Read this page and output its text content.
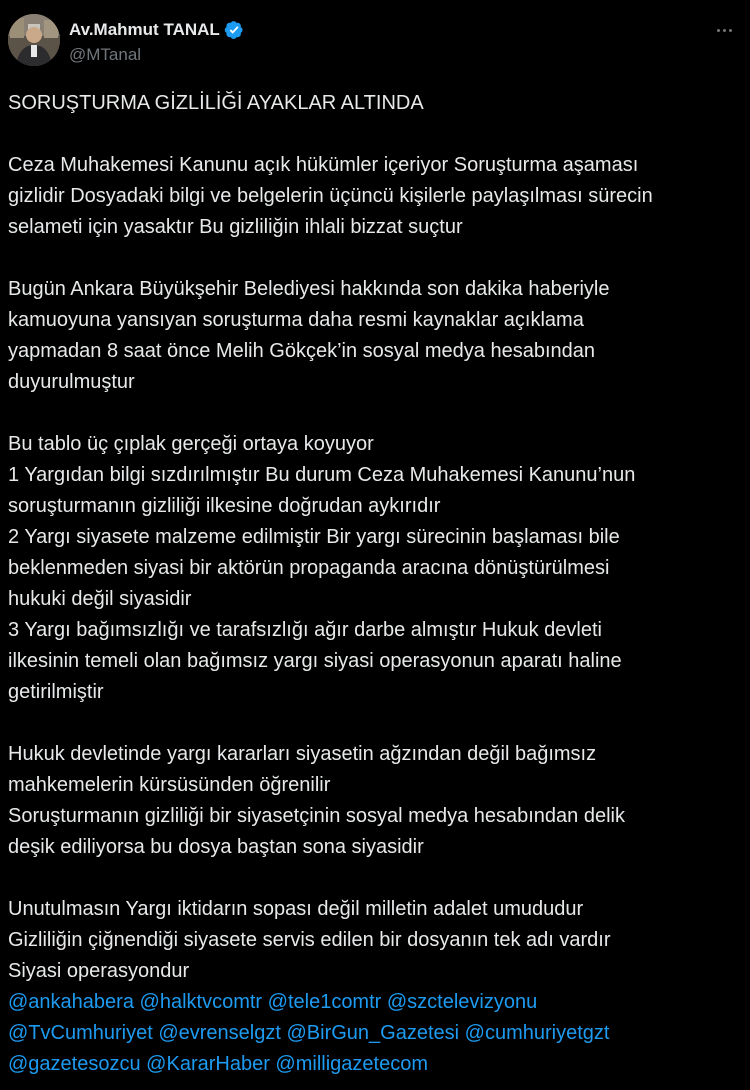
Av.Mahmut TANAL
@MTanal
SORUŞTURMA GİZLİLİĞİ AYAKLAR ALTINDA
Ceza Muhakemesi Kanunu açık hükümler içeriyor Soruşturma aşaması
gizlidir Dosyadaki bilgi ve belgelerin üçüncü kişilerle paylaşılması sürecin
selameti için yasaktır Bu gizliliğin ihlali bizzat suçtur
Bugün Ankara Büyükşehir Belediyesi hakkında son dakika haberiyle
kamuoyuna yansıyan soruşturma daha resmi kaynaklar açıklama
yapmadan 8 saat önce Melih Gökçek’in sosyal medya hesabından
duyurulmuştur
Bu tablo üç çıplak gerçeği ortaya koyuyor
1 Yargıdan bilgi sızdırılmıştır Bu durum Ceza Muhakemesi Kanunu’nun
soruşturmanın gizliliği ilkesine doğrudan aykırıdır
2 Yargı siyasete malzeme edilmiştir Bir yargı sürecinin başlaması bile
beklenmeden siyasi bir aktörün propaganda aracına dönüştürülmesi
hukuki değil siyasidir
3 Yargı bağımsızlığı ve tarafsızlığı ağır darbe almıştır Hukuk devleti
ilkesinin temeli olan bağımsız yargı siyasi operasyonun aparatı haline
getirilmiştir
Hukuk devletinde yargı kararları siyasetin ağzından değil bağımsız
mahkemelerin kürsüsünden öğrenilir
Soruşturmanın gizliliği bir siyasetçinin sosyal medya hesabından delik
deşik ediliyorsa bu dosya baştan sona siyasidir
Unutulmasın Yargı iktidarın sopası değil milletin adalet umududur
Gizliliğin çiğnendiği siyasete servis edilen bir dosyanın tek adı vardır
Siyasi operasyondur
@ankahabera @halktvcomtr @tele1comtr @szctelevizyonu
@TvCumhuriyet @evrenselgzt @BirGun_Gazetesi @cumhuriyetgzt
@gazetesozcu @KararHaber @milligazetecom
